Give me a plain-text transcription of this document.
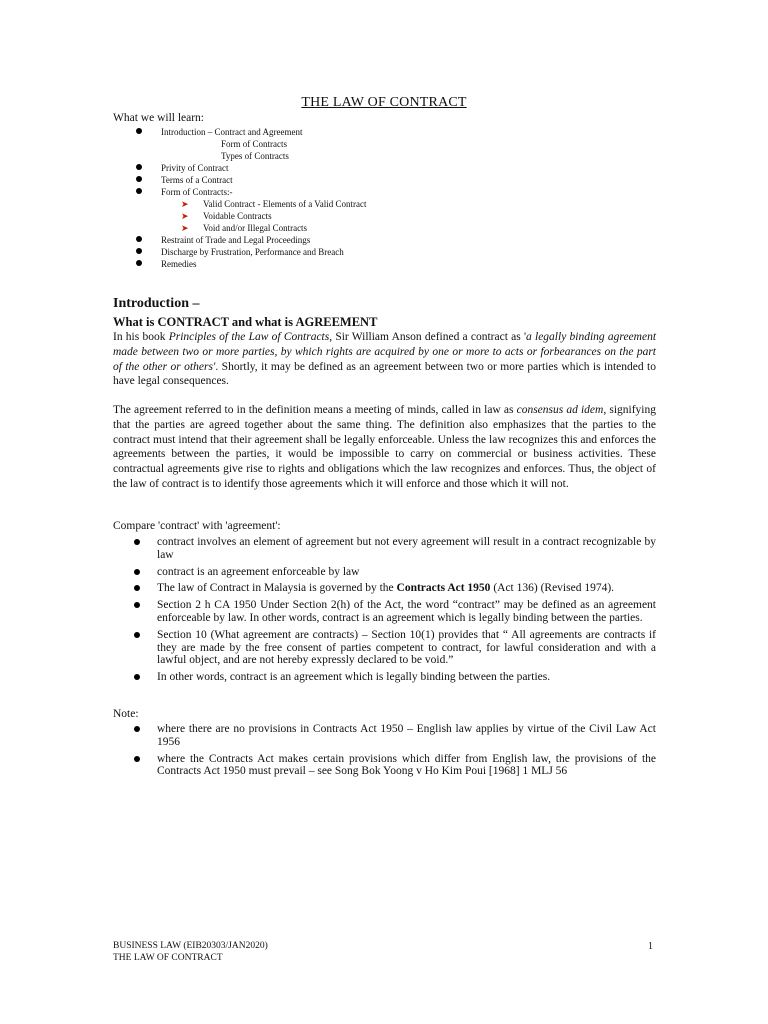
THE LAW OF CONTRACT
What we will learn:
Introduction – Contract and Agreement
Form of Contracts
Types of Contracts
Privity of Contract
Terms of a Contract
Form of Contracts:-
➤ Valid Contract - Elements of a Valid Contract
➤ Voidable Contracts
➤ Void and/or Illegal Contracts
Restraint of Trade and Legal Proceedings
Discharge by Frustration, Performance and Breach
Remedies
Introduction –
What is CONTRACT and what is AGREEMENT
In his book Principles of the Law of Contracts, Sir William Anson defined a contract as 'a legally binding agreement made between two or more parties, by which rights are acquired by one or more to acts or forbearances on the part of the other or others'. Shortly, it may be defined as an agreement between two or more parties which is intended to have legal consequences.
The agreement referred to in the definition means a meeting of minds, called in law as consensus ad idem, signifying that the parties are agreed together about the same thing. The definition also emphasizes that the parties to the contract must intend that their agreement shall be legally enforceable. Unless the law recognizes this and enforces the agreements between the parties, it would be impossible to carry on commercial or business activities. These contractual agreements give rise to rights and obligations which the law recognizes and enforces. Thus, the object of the law of contract is to identify those agreements which it will enforce and those which it will not.
Compare 'contract' with 'agreement':
contract involves an element of agreement but not every agreement will result in a contract recognizable by law
contract is an agreement enforceable by law
The law of Contract in Malaysia is governed by the Contracts Act 1950 (Act 136) (Revised 1974).
Section 2 h CA 1950 Under Section 2(h) of the Act, the word “contract” may be defined as an agreement enforceable by law. In other words, contract is an agreement which is legally binding between the parties.
Section 10 (What agreement are contracts) – Section 10(1) provides that “ All agreements are contracts if they are made by the free consent of parties competent to contract, for lawful consideration and with a lawful object, and are not hereby expressly declared to be void.”
In other words, contract is an agreement which is legally binding between the parties.
Note:
where there are no provisions in Contracts Act 1950 – English law applies by virtue of the Civil Law Act 1956
where the Contracts Act makes certain provisions which differ from English law, the provisions of the Contracts Act 1950 must prevail – see Song Bok Yoong v Ho Kim Poui [1968] 1 MLJ 56
BUSINESS LAW (EIB20303/JAN2020)
THE LAW OF CONTRACT
1
